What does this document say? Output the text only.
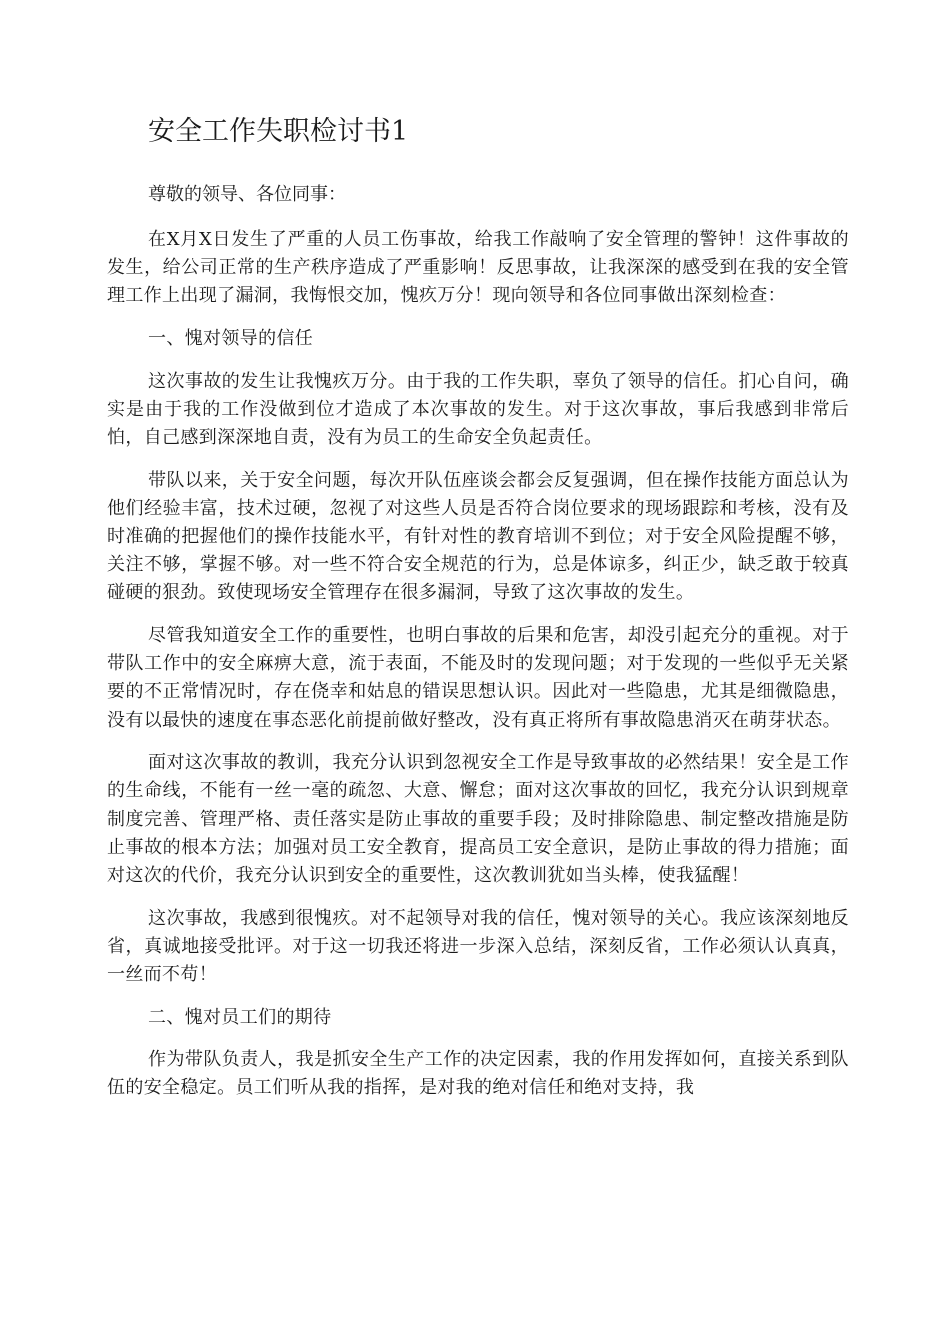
安全工作失职检讨书1

尊敬的领导、各位同事：

在X月X日发生了严重的人员工伤事故，给我工作敲响了安全管理的警钟！这件事故的发生，给公司正常的生产秩序造成了严重影响！反思事故，让我深深的感受到在我的安全管理工作上出现了漏洞，我悔恨交加，愧疚万分！现向领导和各位同事做出深刻检查：

一、愧对领导的信任

这次事故的发生让我愧疚万分。由于我的工作失职，辜负了领导的信任。扪心自问，确实是由于我的工作没做到位才造成了本次事故的发生。对于这次事故，事后我感到非常后怕，自己感到深深地自责，没有为员工的生命安全负起责任。

带队以来，关于安全问题，每次开队伍座谈会都会反复强调，但在操作技能方面总认为他们经验丰富，技术过硬，忽视了对这些人员是否符合岗位要求的现场跟踪和考核，没有及时准确的把握他们的操作技能水平，有针对性的教育培训不到位；对于安全风险提醒不够，关注不够，掌握不够。对一些不符合安全规范的行为，总是体谅多，纠正少，缺乏敢于较真碰硬的狠劲。致使现场安全管理存在很多漏洞，导致了这次事故的发生。

尽管我知道安全工作的重要性，也明白事故的后果和危害，却没引起充分的重视。对于带队工作中的安全麻痹大意，流于表面，不能及时的发现问题；对于发现的一些似乎无关紧要的不正常情况时，存在侥幸和姑息的错误思想认识。因此对一些隐患，尤其是细微隐患，没有以最快的速度在事态恶化前提前做好整改，没有真正将所有事故隐患消灭在萌芽状态。

面对这次事故的教训，我充分认识到忽视安全工作是导致事故的必然结果！安全是工作的生命线，不能有一丝一毫的疏忽、大意、懈怠；面对这次事故的回忆，我充分认识到规章制度完善、管理严格、责任落实是防止事故的重要手段；及时排除隐患、制定整改措施是防止事故的根本方法；加强对员工安全教育，提高员工安全意识，是防止事故的得力措施；面对这次的代价，我充分认识到安全的重要性，这次教训犹如当头棒，使我猛醒！

这次事故，我感到很愧疚。对不起领导对我的信任，愧对领导的关心。我应该深刻地反省，真诚地接受批评。对于这一切我还将进一步深入总结，深刻反省，工作必须认认真真，一丝而不苟！

二、愧对员工们的期待

作为带队负责人，我是抓安全生产工作的决定因素，我的作用发挥如何，直接关系到队伍的安全稳定。员工们听从我的指挥，是对我的绝对信任和绝对支持，我
